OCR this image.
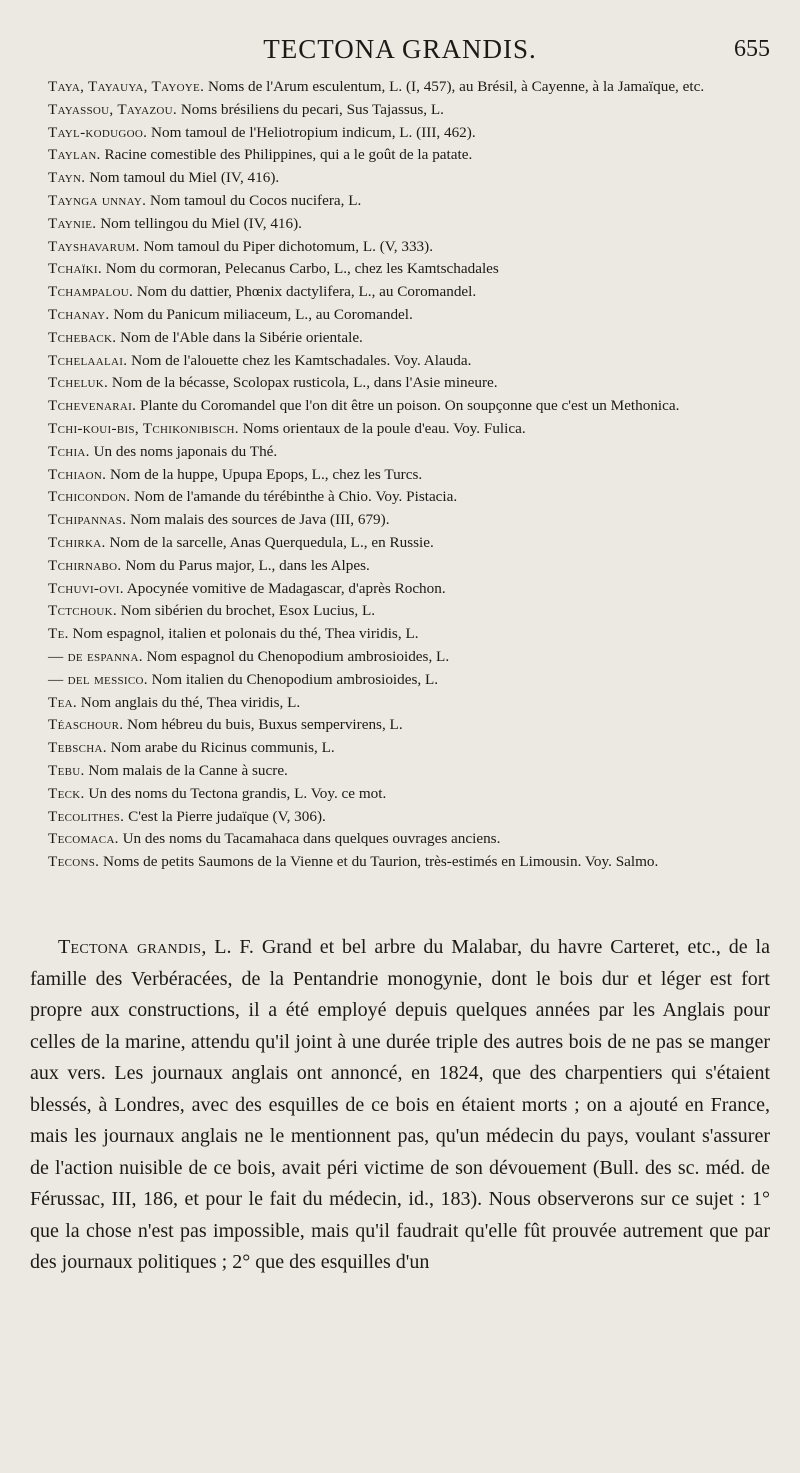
TECTONA GRANDIS.	655
Taya, Tayauya, Tayoye. Noms de l'Arum esculentum, L. (I, 457), au Brésil, à Cayenne, à la Jamaïque, etc.
Tayassou, Tayazou. Noms brésiliens du pecari, Sus Tajassus, L.
Tayl-kodugoo. Nom tamoul de l'Heliotropium indicum, L. (III, 462).
Taylan. Racine comestible des Philippines, qui a le goût de la patate.
Tayn. Nom tamoul du Miel (IV, 416).
Taynga unnay. Nom tamoul du Cocos nucifera, L.
Taynie. Nom tellingou du Miel (IV, 416).
Tayshavarum. Nom tamoul du Piper dichotomum, L. (V, 333).
Tchaïki. Nom du cormoran, Pelecanus Carbo, L., chez les Kamtschadales
Tchampalou. Nom du dattier, Phœnix dactylifera, L., au Coromandel.
Tchanay. Nom du Panicum miliaceum, L., au Coromandel.
Tcheback. Nom de l'Able dans la Sibérie orientale.
Tchelaalai. Nom de l'alouette chez les Kamtschadales. Voy. Alauda.
Tcheluk. Nom de la bécasse, Scolopax rusticola, L., dans l'Asie mineure.
Tchevenarai. Plante du Coromandel que l'on dit être un poison. On soupçonne que c'est un Methonica.
Tchi-koui-bis, Tchikonibisch. Noms orientaux de la poule d'eau. Voy. Fulica.
Tchia. Un des noms japonais du Thé.
Tchiaon. Nom de la huppe, Upupa Epops, L., chez les Turcs.
Tchicondon. Nom de l'amande du térébinthe à Chio. Voy. Pistacia.
Tchipannas. Nom malais des sources de Java (III, 679).
Tchirka. Nom de la sarcelle, Anas Querquedula, L., en Russie.
Tchirnabo. Nom du Parus major, L., dans les Alpes.
Tchuvi-ovi. Apocynée vomitive de Madagascar, d'après Rochon.
Tctchouk. Nom sibérien du brochet, Esox Lucius, L.
Te. Nom espagnol, italien et polonais du thé, Thea viridis, L.
— de espanna. Nom espagnol du Chenopodium ambrosioides, L.
— del messico. Nom italien du Chenopodium ambrosioides, L.
Tea. Nom anglais du thé, Thea viridis, L.
Téaschour. Nom hébreu du buis, Buxus sempervirens, L.
Tebscha. Nom arabe du Ricinus communis, L.
Tebu. Nom malais de la Canne à sucre.
Teck. Un des noms du Tectona grandis, L. Voy. ce mot.
Tecolithes. C'est la Pierre judaïque (V, 306).
Tecomaca. Un des noms du Tacamahaca dans quelques ouvrages anciens.
Tecons. Noms de petits Saumons de la Vienne et du Taurion, très-estimés en Limousin. Voy. Salmo.

Tectona grandis, L. F. Grand et bel arbre du Malabar, du havre Carteret, etc., de la famille des Verbéracées, de la Pentandrie monogynie, dont le bois dur et léger est fort propre aux constructions, il a été employé depuis quelques années par les Anglais pour celles de la marine, attendu qu'il joint à une durée triple des autres bois de ne pas se manger aux vers. Les journaux anglais ont annoncé, en 1824, que des charpentiers qui s'étaient blessés, à Londres, avec des esquilles de ce bois en étaient morts ; on a ajouté en France, mais les journaux anglais ne le mentionnent pas, qu'un médecin du pays, voulant s'assurer de l'action nuisible de ce bois, avait péri victime de son dévouement (Bull. des sc. méd. de Férussac, III, 186, et pour le fait du médecin, id., 183). Nous observerons sur ce sujet : 1° que la chose n'est pas impossible, mais qu'il faudrait qu'elle fût prouvée autrement que par des journaux politiques ; 2° que des esquilles d'un
